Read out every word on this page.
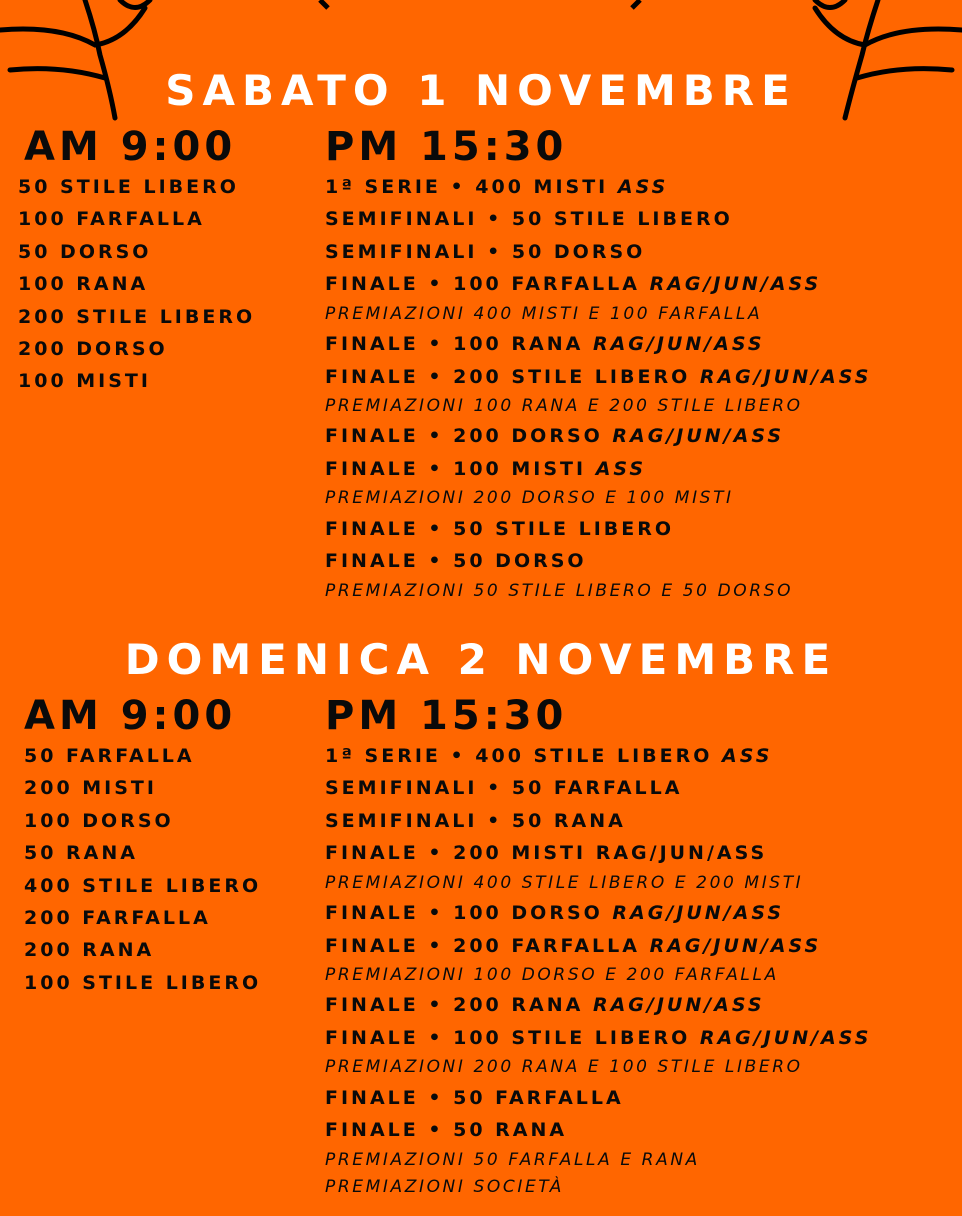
SABATO 1 NOVEMBRE
AM 9:00 PM 15:30
50 STILE LIBERO
100 FARFALLA
50 DORSO
100 RANA
200 STILE LIBERO
200 DORSO
100 MISTI
1ª SERIE • 400 MISTI ASS
SEMIFINALI • 50 STILE LIBERO
SEMIFINALI • 50 DORSO
FINALE • 100 FARFALLA RAG/JUN/ASS
PREMIAZIONI 400 MISTI E 100 FARFALLA
FINALE • 100 RANA RAG/JUN/ASS
FINALE • 200 STILE LIBERO RAG/JUN/ASS
PREMIAZIONI 100 RANA E 200 STILE LIBERO
FINALE • 200 DORSO RAG/JUN/ASS
FINALE • 100 MISTI ASS
PREMIAZIONI 200 DORSO E 100 MISTI
FINALE • 50 STILE LIBERO
FINALE • 50 DORSO
PREMIAZIONI 50 STILE LIBERO E 50 DORSO
DOMENICA 2 NOVEMBRE
AM 9:00 PM 15:30
50 FARFALLA
200 MISTI
100 DORSO
50 RANA
400 STILE LIBERO
200 FARFALLA
200 RANA
100 STILE LIBERO
1ª SERIE • 400 STILE LIBERO ASS
SEMIFINALI • 50 FARFALLA
SEMIFINALI • 50 RANA
FINALE • 200 MISTI RAG/JUN/ASS
PREMIAZIONI 400 STILE LIBERO E 200 MISTI
FINALE • 100 DORSO RAG/JUN/ASS
FINALE • 200 FARFALLA RAG/JUN/ASS
PREMIAZIONI 100 DORSO E 200 FARFALLA
FINALE • 200 RANA RAG/JUN/ASS
FINALE • 100 STILE LIBERO RAG/JUN/ASS
PREMIAZIONI 200 RANA E 100 STILE LIBERO
FINALE • 50 FARFALLA
FINALE • 50 RANA
PREMIAZIONI 50 FARFALLA E RANA
PREMIAZIONI SOCIETÀ
